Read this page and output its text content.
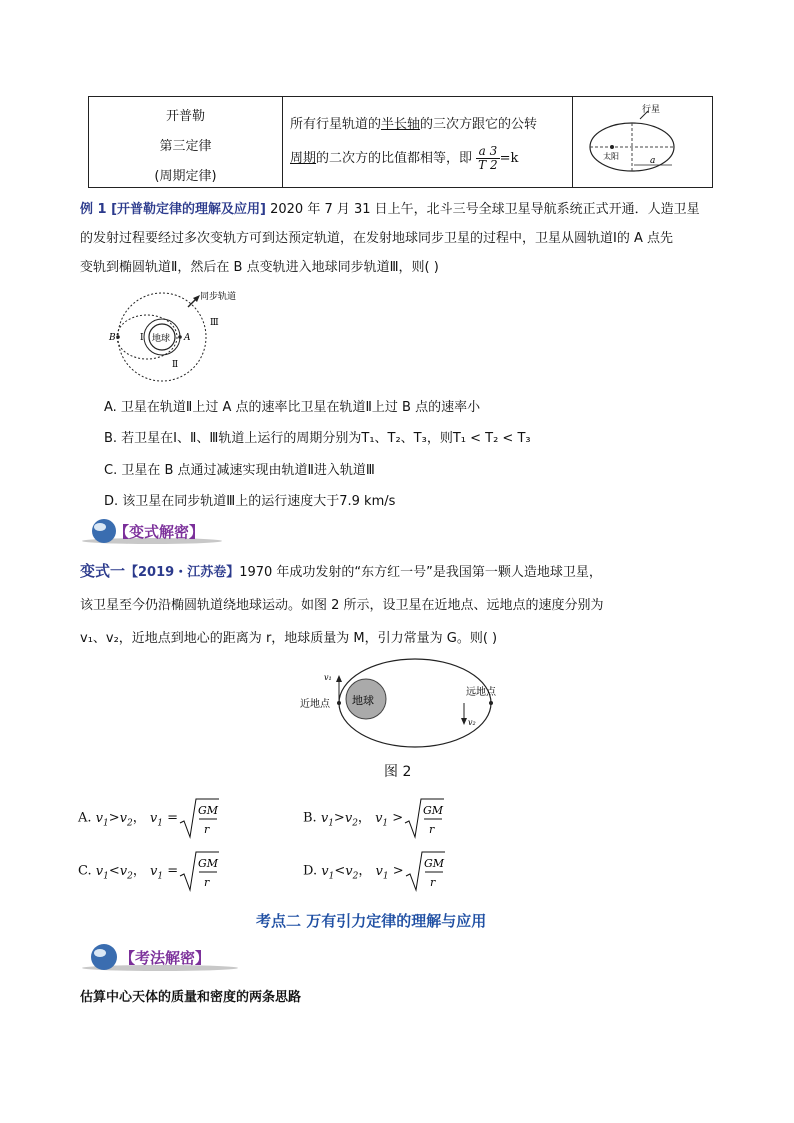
开普勒
第三定律
(周期定律)
所有行星轨道的半长轴的三次方跟它的公转
周期的二次方的比值都相等，即 $\frac{a 3}{T 2} =k$
行星
太阳	a
例 1 [开普勒定律的理解及应用] 2020 年 7 月 31 日上午，北斗三号全球卫星导航系统正式开通．人造卫星
的发射过程要经过多次变轨方可到达预定轨道，在发射地球同步卫星的过程中，卫星从圆轨道Ⅰ的 A 点先
变轨到椭圆轨道Ⅱ，然后在 B 点变轨进入地球同步轨道Ⅲ，则( )
地球
B	A
Ⅰ
Ⅱ
Ⅲ
同步轨道
A. 卫星在轨道Ⅱ上过 A 点的速率比卫星在轨道Ⅱ上过 B 点的速率小
B. 若卫星在Ⅰ、Ⅱ、Ⅲ轨道上运行的周期分别为T₁、T₂、T₃，则T₁ < T₂ < T₃
C. 卫星在 B 点通过减速实现由轨道Ⅱ进入轨道Ⅲ
D. 该卫星在同步轨道Ⅲ上的运行速度大于7.9 km/s
【变式解密】
变式一【2019・江苏卷】1970 年成功发射的“东方红一号”是我国第一颗人造地球卫星，
该卫星至今仍沿椭圆轨道绕地球运动。如图 2 所示，设卫星在近地点、远地点的速度分别为
v₁、v₂，近地点到地心的距离为 r，地球质量为 M，引力常量为 G。则( )
地球
v₁
近地点
v₂
远地点
图 2
A. $v_1>v_2$， $v_1$ = GM
r
B. $v_1>v_2$， $v_1$ > GM
r
C. $v_1<v_2$， $v_1$ = GM
r
D. $v_1<v_2$， $v_1$ > GM
r
考点二 万有引力定律的理解与应用
【考法解密】
估算中心天体的质量和密度的两条思路
